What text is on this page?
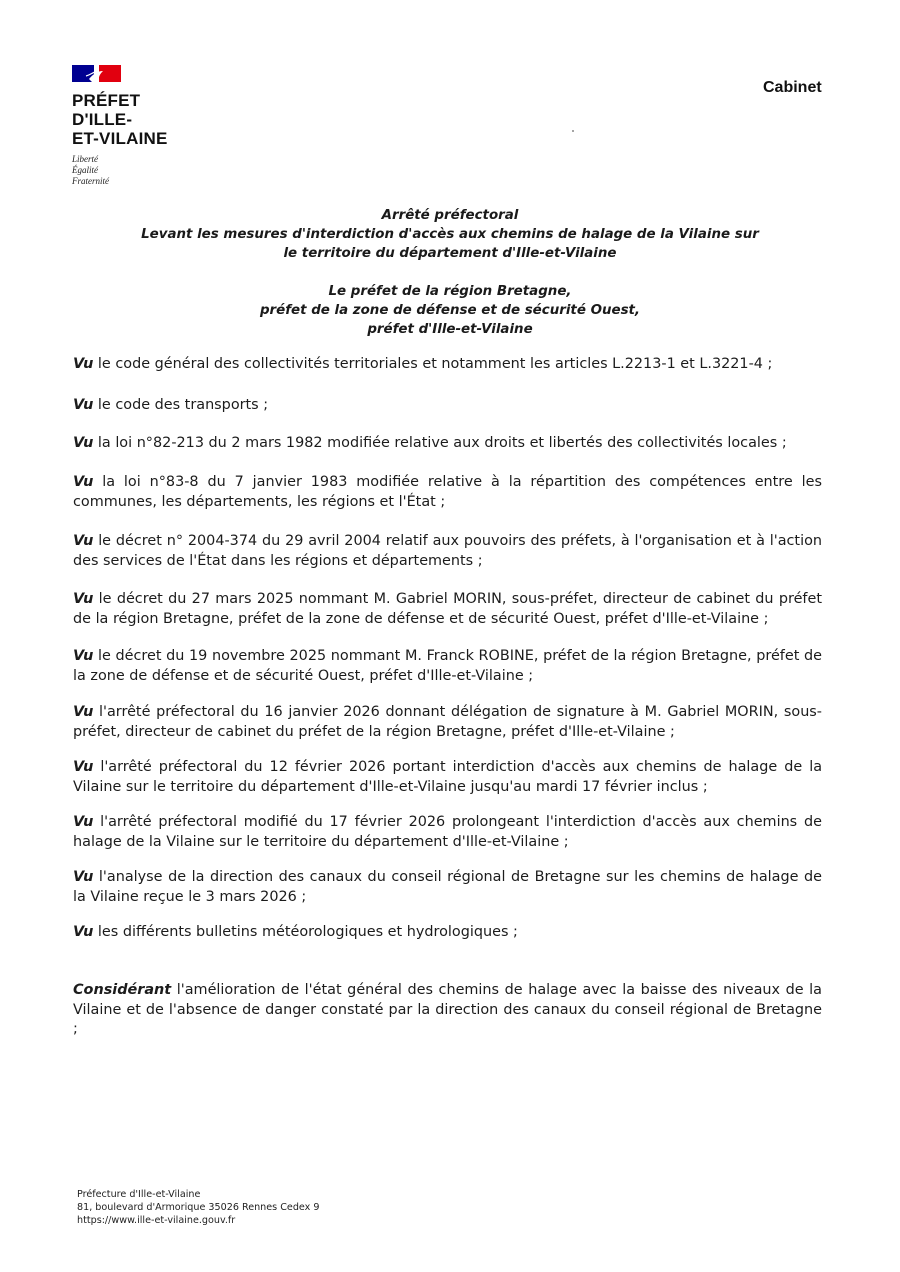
PRÉFET
D'ILLE-
ET-VILAINE
Liberté
Égalité
Fraternité
Cabinet
Arrêté préfectoral
Levant les mesures d'interdiction d'accès aux chemins de halage de la Vilaine sur
le territoire du département d'Ille-et-Vilaine
Le préfet de la région Bretagne,
préfet de la zone de défense et de sécurité Ouest,
préfet d'Ille-et-Vilaine
Vu le code général des collectivités territoriales et notamment les articles L.2213-1 et L.3221-4 ;
Vu le code des transports ;
Vu la loi n°82-213 du 2 mars 1982 modifiée relative aux droits et libertés des collectivités locales ;
Vu la loi n°83-8 du 7 janvier 1983 modifiée relative à la répartition des compétences entre les communes, les départements, les régions et l'État ;
Vu le décret n° 2004-374 du 29 avril 2004 relatif aux pouvoirs des préfets, à l'organisation et à l'action des services de l'État dans les régions et départements ;
Vu le décret du 27 mars 2025 nommant M. Gabriel MORIN, sous-préfet, directeur de cabinet du préfet de la région Bretagne, préfet de la zone de défense et de sécurité Ouest, préfet d'Ille-et-Vilaine ;
Vu le décret du 19 novembre 2025 nommant M. Franck ROBINE, préfet de la région Bretagne, préfet de la zone de défense et de sécurité Ouest, préfet d'Ille-et-Vilaine ;
Vu l'arrêté préfectoral du 16 janvier 2026 donnant délégation de signature à M. Gabriel MORIN, sous-préfet, directeur de cabinet du préfet de la région Bretagne, préfet d'Ille-et-Vilaine ;
Vu l'arrêté préfectoral du 12 février 2026 portant interdiction d'accès aux chemins de halage de la Vilaine sur le territoire du département d'Ille-et-Vilaine jusqu'au mardi 17 février inclus ;
Vu l'arrêté préfectoral modifié du 17 février 2026 prolongeant l'interdiction d'accès aux chemins de halage de la Vilaine sur le territoire du département d'Ille-et-Vilaine ;
Vu l'analyse de la direction des canaux du conseil régional de Bretagne sur les chemins de halage de la Vilaine reçue le 3 mars 2026 ;
Vu les différents bulletins météorologiques et hydrologiques ;
Considérant l'amélioration de l'état général des chemins de halage avec la baisse des niveaux de la Vilaine et de l'absence de danger constaté par la direction des canaux du conseil régional de Bretagne ;
Préfecture d'Ille-et-Vilaine
81, boulevard d'Armorique 35026 Rennes Cedex 9
https://www.ille-et-vilaine.gouv.fr
